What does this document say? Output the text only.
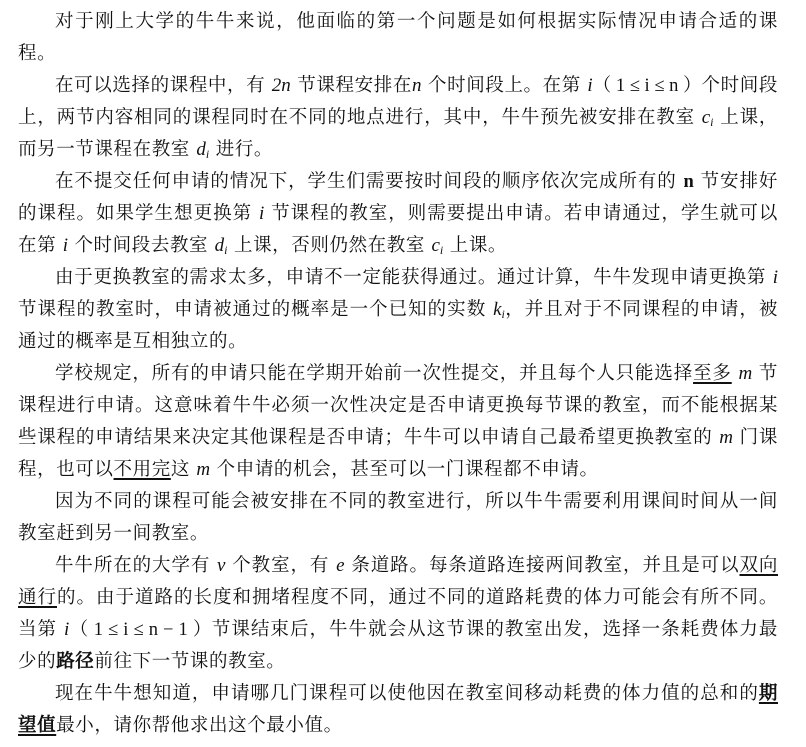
对于刚上大学的牛牛来说，他面临的第一个问题是如何根据实际情况申请合适的课程。

在可以选择的课程中，有 2n 节课程安排在n 个时间段上。在第 i（ 1 ≤ i ≤ n ）个时间段上，两节内容相同的课程同时在不同的地点进行，其中，牛牛预先被安排在教室 $c_i$ 上课，而另一节课程在教室 $d_i$ 进行。

在不提交任何申请的情况下，学生们需要按时间段的顺序依次完成所有的 n 节安排好的课程。如果学生想更换第 i 节课程的教室，则需要提出申请。若申请通过，学生就可以在第 i 个时间段去教室 $d_i$ 上课，否则仍然在教室 $c_i$ 上课。

由于更换教室的需求太多，申请不一定能获得通过。通过计算，牛牛发现申请更换第 i 节课程的教室时，申请被通过的概率是一个已知的实数 $k_i$，并且对于不同课程的申请，被通过的概率是互相独立的。

学校规定，所有的申请只能在学期开始前一次性提交，并且每个人只能选择至多 m 节课程进行申请。这意味着牛牛必须一次性决定是否申请更换每节课的教室，而不能根据某些课程的申请结果来决定其他课程是否申请；牛牛可以申请自己最希望更换教室的 m 门课程，也可以不用完这 m 个申请的机会，甚至可以一门课程都不申请。

因为不同的课程可能会被安排在不同的教室进行，所以牛牛需要利用课间时间从一间教室赶到另一间教室。

牛牛所在的大学有 v 个教室，有 e 条道路。每条道路连接两间教室，并且是可以双向通行的。由于道路的长度和拥堵程度不同，通过不同的道路耗费的体力可能会有所不同。当第 i（ 1 ≤ i ≤ n − 1 ）节课结束后，牛牛就会从这节课的教室出发，选择一条耗费体力最少的路径前往下一节课的教室。

现在牛牛想知道，申请哪几门课程可以使他因在教室间移动耗费的体力值的总和的期望值最小，请你帮他求出这个最小值。
